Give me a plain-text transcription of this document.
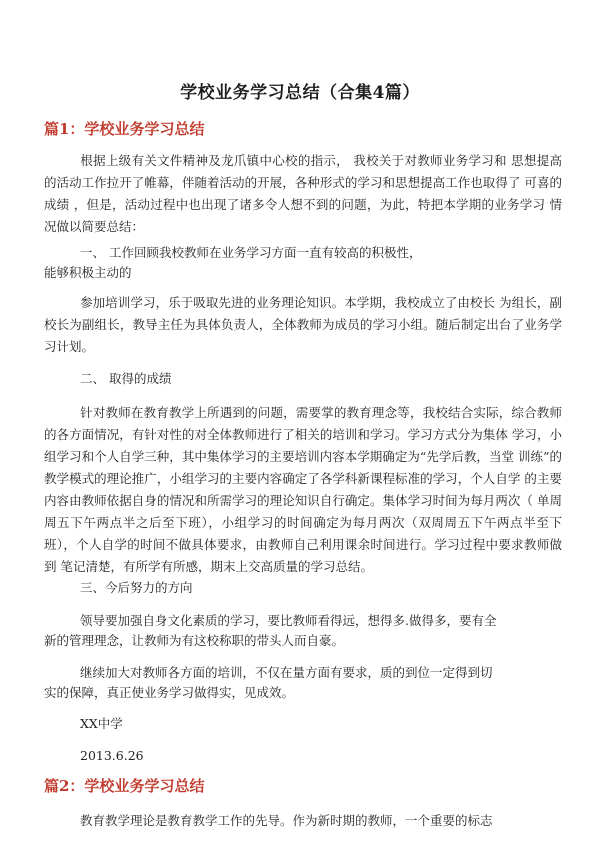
学校业务学习总结（合集4篇）
篇1：学校业务学习总结
根据上级有关文件精神及龙爪镇中心校的指示， 我校关于对教师业务学习和 思想提高的活动工作拉开了帷幕，伴随着活动的开展，各种形式的学习和思想提高工作也取得了 可喜的成绩 ，但是，活动过程中也出现了诸多令人想不到的问题，为此，特把本学期的业务学习 情况做以简要总结：
一、 工作回顾我校教师在业务学习方面一直有较高的积极性，
能够积极主动的
参加培训学习，乐于吸取先进的业务理论知识。本学期，我校成立了由校长 为组长，副校长为副组长，教导主任为具体负责人，全体教师为成员的学习小组。随后制定出台了业务学习计划。
二、 取得的成绩
针对教师在教育教学上所遇到的问题，需要掌的教育理念等，我校结合实际，综合教师的各方面情况，有针对性的对全体教师进行了相关的培训和学习。学习方式分为集体 学习，小组学习和个人自学三种，其中集体学习的主要培训内容本学期确定为“先学后教，当堂 训练”的教学模式的理论推广，小组学习的主要内容确定了各学科新课程标准的学习，个人自学 的主要内容由教师依据自身的情况和所需学习的理论知识自行确定。集体学习时间为每月两次（ 单周周五下午两点半之后至下班），小组学习的时间确定为每月两次（双周周五下午两点半至下 班），个人自学的时间不做具体要求，由教师自己利用课余时间进行。学习过程中要求教师做到 笔记清楚，有所学有所感，期末上交高质量的学习总结。
三、今后努力的方向
领导要加强自身文化素质的学习，要比教师看得远，想得多.做得多，要有全
新的管理理念，让教师为有这校称职的带头人而自豪。
继续加大对教师各方面的培训，不仅在量方面有要求，质的到位一定得到切
实的保障，真正使业务学习做得实，见成效。
XX中学
2013.6.26
篇2：学校业务学习总结
教育教学理论是教育教学工作的先导。作为新时期的教师，一个重要的标志
